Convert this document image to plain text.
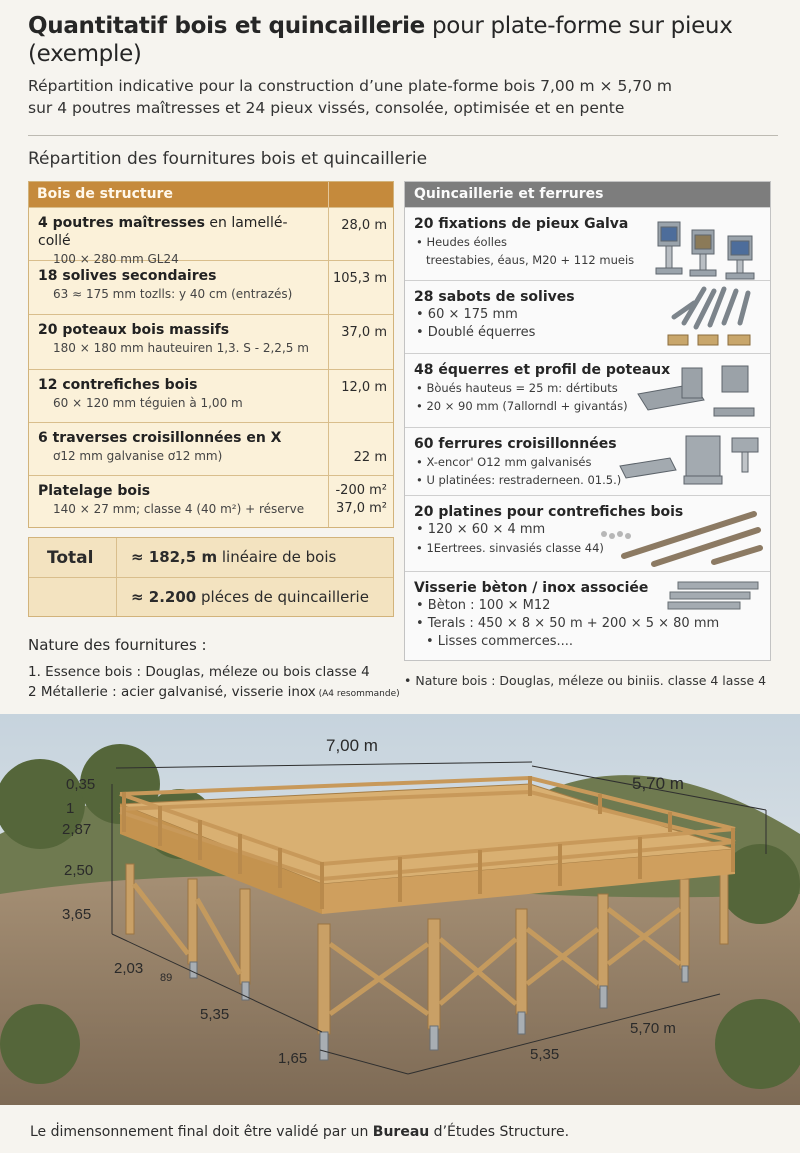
Quantitatif bois et quincaillerie pour plate-forme sur pieux
(exemple)
Répartition indicative pour la construction d’une plate-forme bois 7,00 m × 5,70 m
sur 4 poutres maîtresses et 24 pieux vissés, consolée, optimisée et en pente
Répartition des fournitures bois et quincaillerie
Bois de structure
4 poutres maîtresses en lamellé-collé
100 × 280 mm GL24
28,0 m
18 solives secondaires
63 ≈ 175 mm tozlls: y 40 cm (entrazés)
105,3 m
20 poteaux bois massifs
180 × 180 mm hauteuiren 1,3. S - 2,2,5 m
37,0 m
12 contrefiches bois
60 × 120 mm téguien à 1,00 m
12,0 m
6 traverses croisillonnées en X
ơ12 mm galvanise ơ12 mm)	22 m
Platelage bois
140 × 27 mm; classe 4 (40 m²) + réserve
-200 m²
37,0 m²
Total	≈ 182,5 m linéaire de bois
≈ 2.200 pléces de quincaillerie
Nature des fournitures :
1. Essence bois : Douglas, méleze ou bois classe 4
2 Métallerie : acier galvanisé, visserie inox (A4 resommande)
• Nature bois : Douglas, méleze ou biniis. classe 4 lasse 4
Quincaillerie et ferrures
20 fixations de pieux Galva
• Heudes éolles
treestabies, éaus, M20 + 112 mueis
28 sabots de solives
• 60 × 175 mm
• Doublé équerres
48 équerres et profil de poteaux
• Bòués hauteus = 25 m: dértibuts
• 20 × 90 mm (7allorndl + givantás)
60 ferrures croisillonnées
• X-encor' O12 mm galvanisés
• U platinées: restraderneen. 01.5.)
20 platines pour contrefiches bois
• 120 × 60 × 4 mm
• 1Eertrees. sinvasiés classe 44)
Visserie bèton / inox associée
• Bèton : 100 × M12
• Terals : 450 × 8 × 50 m + 200 × 5 × 80 mm
• Lisses commerces....
7,00 m
5,70 m
0,35
1
2,87
2,50
3,65
2,03
89
5,35
1,65	5,35
5,70 m
Le ḋimensonnement final doit être validé par un Bureau d’Études Structure.
